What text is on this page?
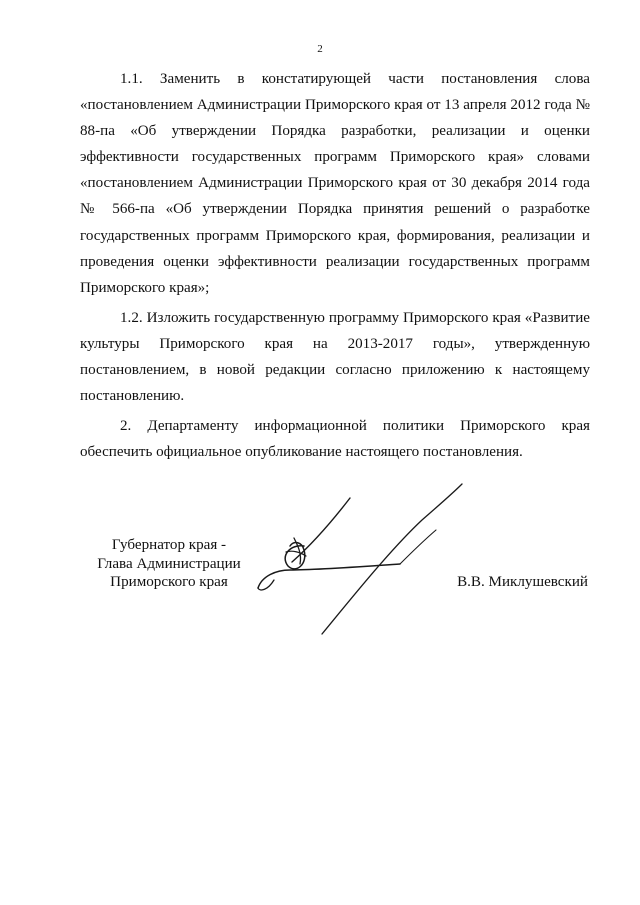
2

1.1. Заменить в констатирующей части постановления слова «постановлением Администрации Приморского края от 13 апреля 2012 года № 88-па «Об утверждении Порядка разработки, реализации и оценки эффективности государственных программ Приморского края» словами «постановлением Администрации Приморского края от 30 декабря 2014 года № 566-па «Об утверждении Порядка принятия решений о разработке государственных программ Приморского края, формирования, реализации и проведения оценки эффективности реализации государственных программ Приморского края»;

1.2. Изложить государственную программу Приморского края «Развитие культуры Приморского края на 2013-2017 годы», утвержденную постановлением, в новой редакции согласно приложению к настоящему постановлению.

2. Департаменту информационной политики Приморского края обеспечить официальное опубликование настоящего постановления.

Губернатор края -
Глава Администрации
Приморского края	В.В. Миклушевский
